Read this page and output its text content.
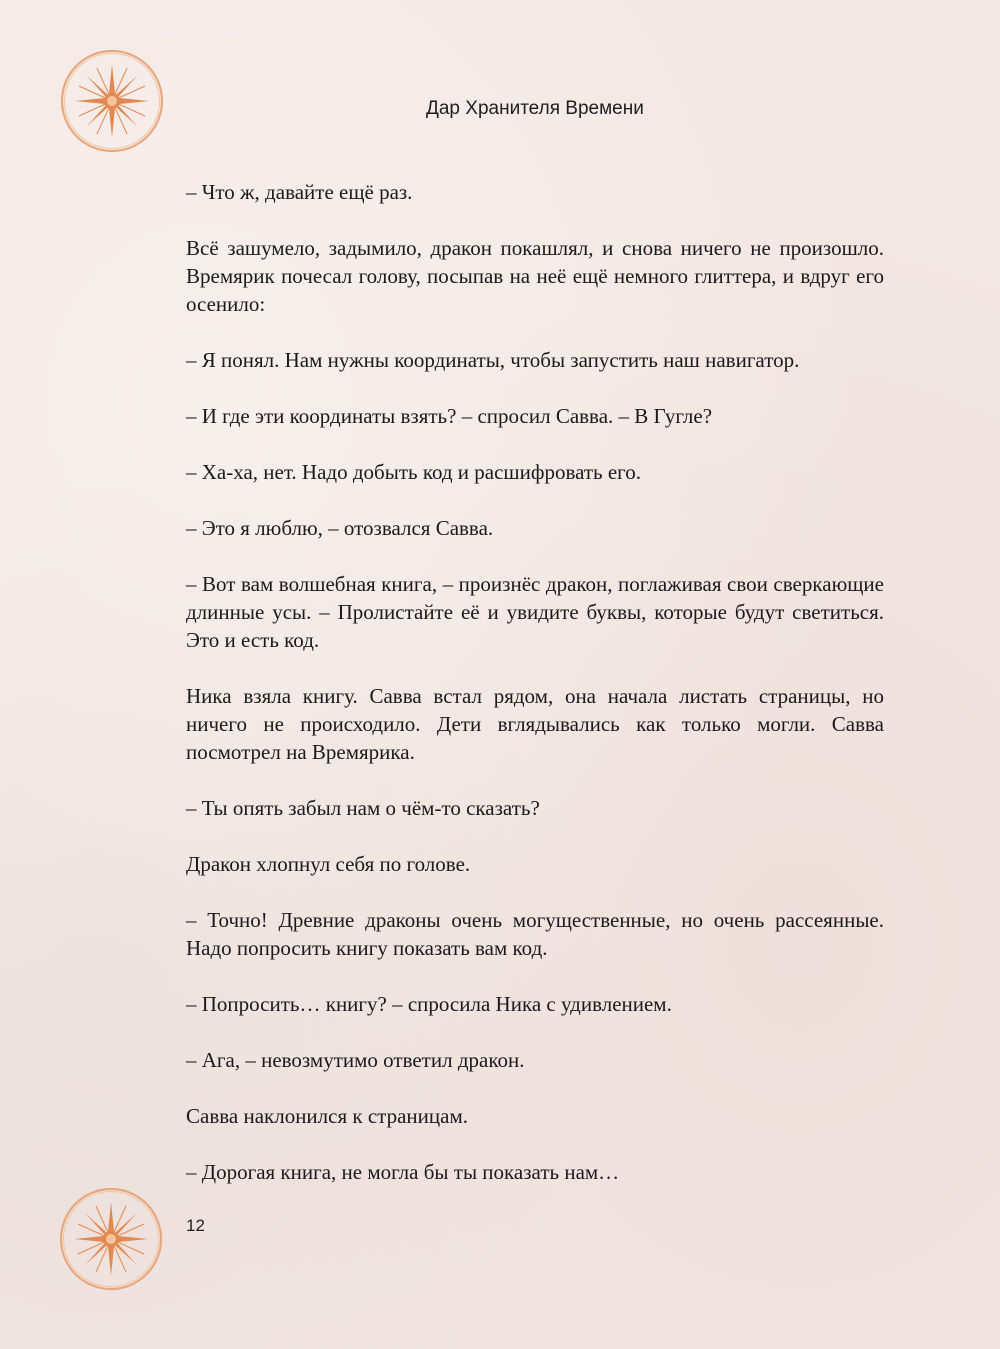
Дар Хранителя Времени

– Что ж, давайте ещё раз.

Всё зашумело, задымило, дракон покашлял, и снова ничего не произошло. Времярик почесал голову, посыпав на неё ещё немного глиттера, и вдруг его осенило:

– Я понял. Нам нужны координаты, чтобы запустить наш навигатор.

– И где эти координаты взять? – спросил Савва. – В Гугле?

– Ха-ха, нет. Надо добыть код и расшифровать его.

– Это я люблю, – отозвался Савва.

– Вот вам волшебная книга, – произнёс дракон, поглаживая свои сверкающие длинные усы. – Пролистайте её и увидите буквы, которые будут светиться. Это и есть код.

Ника взяла книгу. Савва встал рядом, она начала листать страницы, но ничего не происходило. Дети вглядывались как только могли. Савва посмотрел на Времярика.

– Ты опять забыл нам о чём-то сказать?

Дракон хлопнул себя по голове.

– Точно! Древние драконы очень могущественные, но очень рассеянные. Надо попросить книгу показать вам код.

– Попросить… книгу? – спросила Ника с удивлением.

– Ага, – невозмутимо ответил дракон.

Савва наклонился к страницам.

– Дорогая книга, не могла бы ты показать нам…

12
